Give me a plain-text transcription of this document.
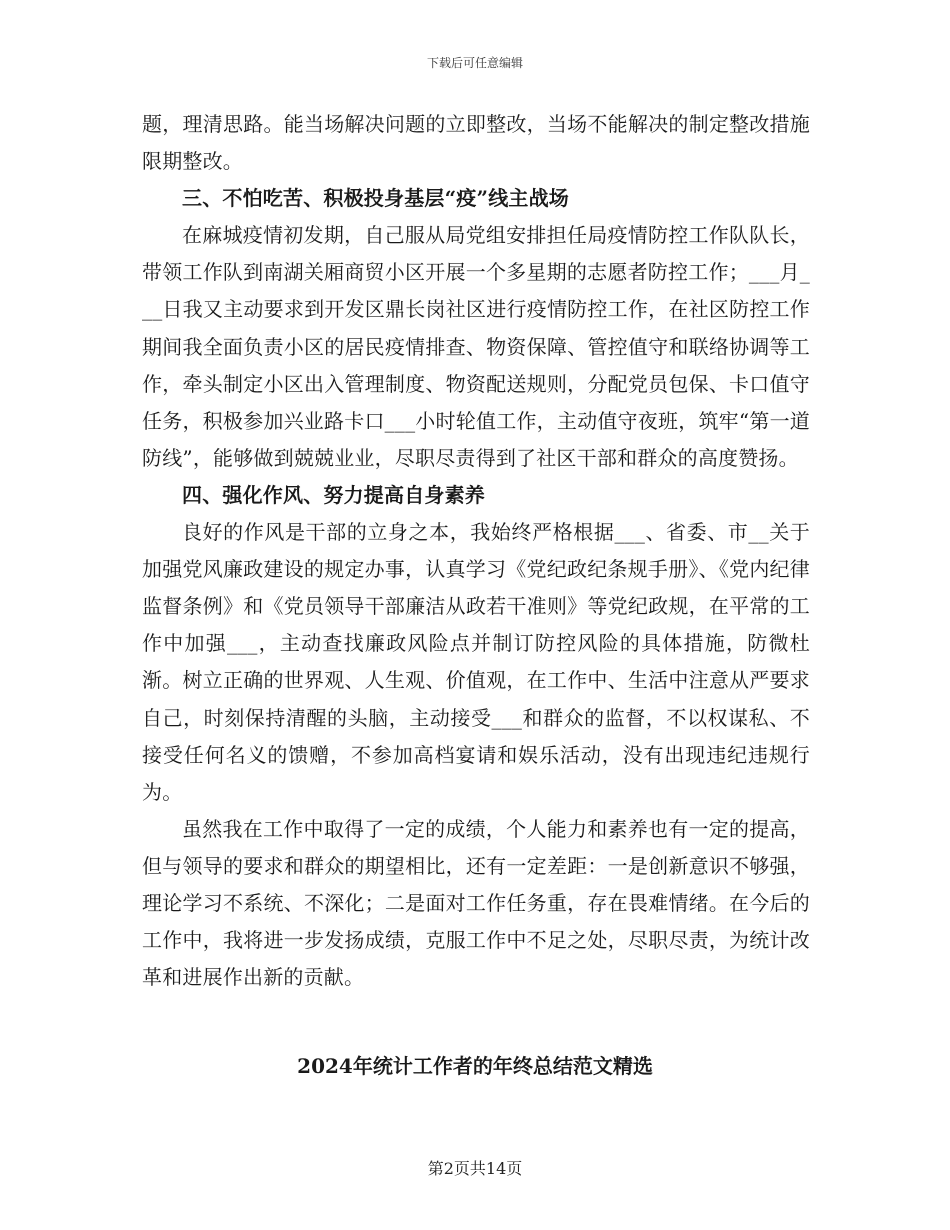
下载后可任意编辑

题，理清思路。能当场解决问题的立即整改，当场不能解决的制定整改措施限期整改。

三、不怕吃苦、积极投身基层“疫”线主战场

在麻城疫情初发期，自己服从局党组安排担任局疫情防控工作队队长，带领工作队到南湖关厢商贸小区开展一个多星期的志愿者防控工作；___月___日我又主动要求到开发区鼎长岗社区进行疫情防控工作，在社区防控工作期间我全面负责小区的居民疫情排查、物资保障、管控值守和联络协调等工作，牵头制定小区出入管理制度、物资配送规则，分配党员包保、卡口值守任务，积极参加兴业路卡口___小时轮值工作，主动值守夜班，筑牢“第一道防线”，能够做到兢兢业业，尽职尽责得到了社区干部和群众的高度赞扬。

四、强化作风、努力提高自身素养

良好的作风是干部的立身之本，我始终严格根据___、省委、市__关于加强党风廉政建设的规定办事，认真学习《党纪政纪条规手册》、《党内纪律监督条例》和《党员领导干部廉洁从政若干准则》等党纪政规，在平常的工作中加强___，主动查找廉政风险点并制订防控风险的具体措施，防微杜渐。树立正确的世界观、人生观、价值观，在工作中、生活中注意从严要求自己，时刻保持清醒的头脑，主动接受___和群众的监督，不以权谋私、不接受任何名义的馈赠，不参加高档宴请和娱乐活动，没有出现违纪违规行为。

虽然我在工作中取得了一定的成绩，个人能力和素养也有一定的提高，但与领导的要求和群众的期望相比，还有一定差距：一是创新意识不够强，理论学习不系统、不深化；二是面对工作任务重，存在畏难情绪。在今后的工作中，我将进一步发扬成绩，克服工作中不足之处，尽职尽责，为统计改革和进展作出新的贡献。

2024年统计工作者的年终总结范文精选
第2页共14页
